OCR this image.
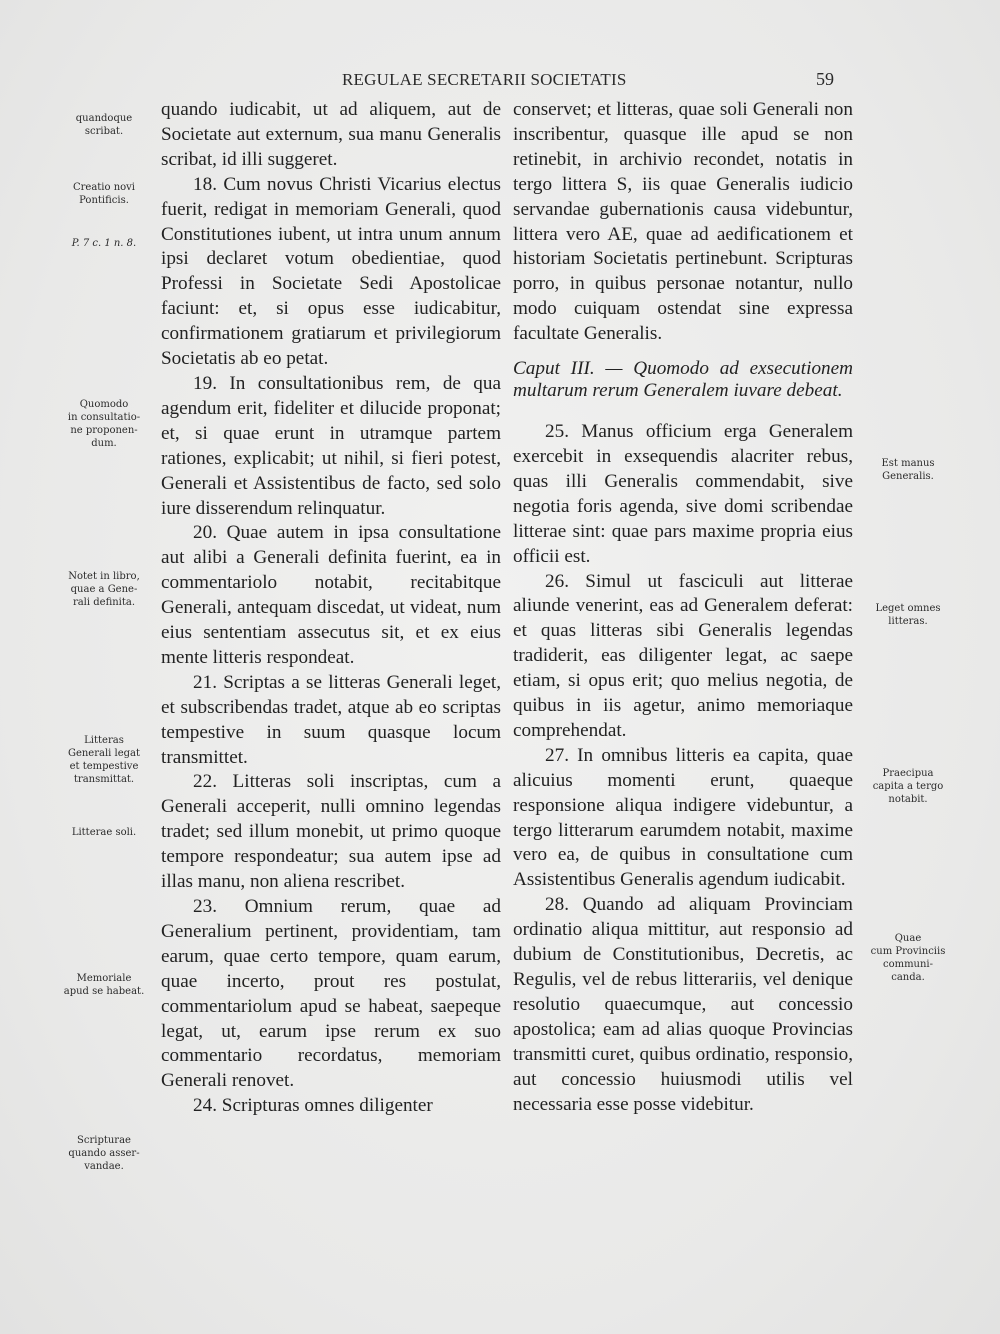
REGULAE SECRETARII SOCIETATIS	59
quandoque
scribat.
Creatio novi
Pontificis.
P. 7 c. 1 n. 8.
Quomodo
in consultatio-
ne proponen-
dum.
Notet in libro,
quae a Gene-
rali definita.
Litteras
Generali legat
et tempestive
transmittat.
Litterae soli.
Memoriale
apud se habeat.
Scripturae
quando asser-
vandae.
Est manus
Generalis.
Leget omnes
litteras.
Praecipua
capita a tergo
notabit.
Quae
cum Provinciis
communi-
canda.

quando iudicabit, ut ad aliquem, aut de Societate aut externum, sua manu Generalis scribat, id illi suggeret.

18. Cum novus Christi Vicarius electus fuerit, redigat in memoriam Generali, quod Constitutiones iubent, ut intra unum annum ipsi declaret votum obedientiae, quod Professi in Societate Sedi Apostolicae faciunt: et, si opus esse iudicabitur, confirmationem gratiarum et privilegiorum Societatis ab eo petat.

19. In consultationibus rem, de qua agendum erit, fideliter et dilucide proponat; et, si quae erunt in utramque partem rationes, explicabit; ut nihil, si fieri potest, Generali et Assistentibus de facto, sed solo iure disserendum relinquatur.

20. Quae autem in ipsa consultatione aut alibi a Generali definita fuerint, ea in commentariolo notabit, recitabitque Generali, antequam discedat, ut videat, num eius sententiam assecutus sit, et ex eius mente litteris respondeat.

21. Scriptas a se litteras Generali leget, et subscribendas tradet, atque ab eo scriptas tempestive in suum quasque locum transmittet.

22. Litteras soli inscriptas, cum a Generali acceperit, nulli omnino legendas tradet; sed illum monebit, ut primo quoque tempore respondeatur; sua autem ipse ad illas manu, non aliena rescribet.

23. Omnium rerum, quae ad Generalium pertinent, providentiam, tam earum, quae certo tempore, quam earum, quae incerto, prout res postulat, commentariolum apud se habeat, saepeque legat, ut, earum ipse rerum ex suo commentario recordatus, memoriam Generali renovet.

24. Scripturas omnes diligenter

conservet; et litteras, quae soli Generali non inscribentur, quasque ille apud se non retinebit, in archivio recondet, notatis in tergo littera S, iis quae Generalis iudicio servandae gubernationis causa videbuntur, littera vero AE, quae ad aedificationem et historiam Societatis pertinebunt. Scripturas porro, in quibus personae notantur, nullo modo cuiquam ostendat sine expressa facultate Generalis.

Caput III. — Quomodo ad exsecutionem multarum rerum Generalem iuvare debeat.

25. Manus officium erga Generalem exercebit in exsequendis alacriter rebus, quas illi Generalis commendabit, sive negotia foris agenda, sive domi scribendae litterae sint: quae pars maxime propria eius officii est.

26. Simul ut fasciculi aut litterae aliunde venerint, eas ad Generalem deferat: et quas litteras sibi Generalis legendas tradiderit, eas diligenter legat, ac saepe etiam, si opus erit; quo melius negotia, de quibus in iis agetur, animo memoriaque comprehendat.

27. In omnibus litteris ea capita, quae alicuius momenti erunt, quaeque responsione aliqua indigere videbuntur, a tergo litterarum earumdem notabit, maxime vero ea, de quibus in consultatione cum Assistentibus Generalis agendum iudicabit.

28. Quando ad aliquam Provinciam ordinatio aliqua mittitur, aut responsio ad dubium de Constitutionibus, Decretis, ac Regulis, vel de rebus litterariis, vel denique resolutio quaecumque, aut concessio apostolica; eam ad alias quoque Provincias transmitti curet, quibus ordinatio, responsio, aut concessio huiusmodi utilis vel necessaria esse posse videbitur.
